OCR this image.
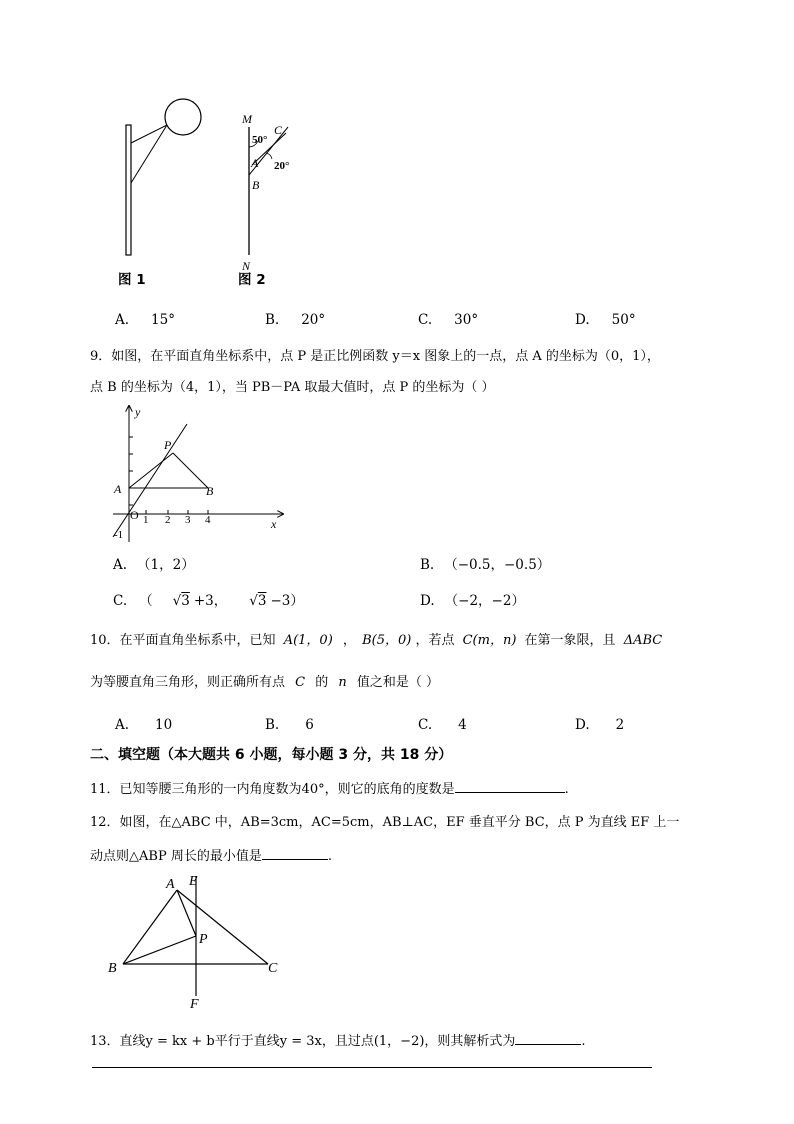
图 1
M
N
50°
C
A 20°
B
图 2
A. 15°	B. 20°	C. 30°	D. 50°
9．如图，在平面直角坐标系中，点 P 是正比例函数 y＝x 图象上的一点，点 A 的坐标为（0，1），
点 B 的坐标为（4，1），当 PB－PA 取最大值时，点 P 的坐标为（ ）
y
x
P
A	B
O 1 2 3 4
-1
A. （1，2）	B. （−0.5，−0.5）
C. （ √3 +3， √3 −3）	D. （−2，−2）
10．在平面直角坐标系中，已知 A(1，0) ， B(5，0) ，若点 C(m，n) 在第一象限，且 ΔABC
为等腰直角三角形，则正确所有点 C 的 n 值之和是（ ）
A. 10	B. 6	C. 4	D. 2
二、填空题（本大题共 6 小题，每小题 3 分，共 18 分）
11．已知等腰三角形的一内角度数为40°，则它的底角的度数是	.
12．如图，在△ABC 中，AB=3cm，AC=5cm，AB⊥AC，EF 垂直平分 BC，点 P 为直线 EF 上一
动点则△ABP 周长的最小值是	.
A E
P
B	C
F
13．直线y = kx + b平行于直线y = 3x，且过点(1，−2)，则其解析式为	.
